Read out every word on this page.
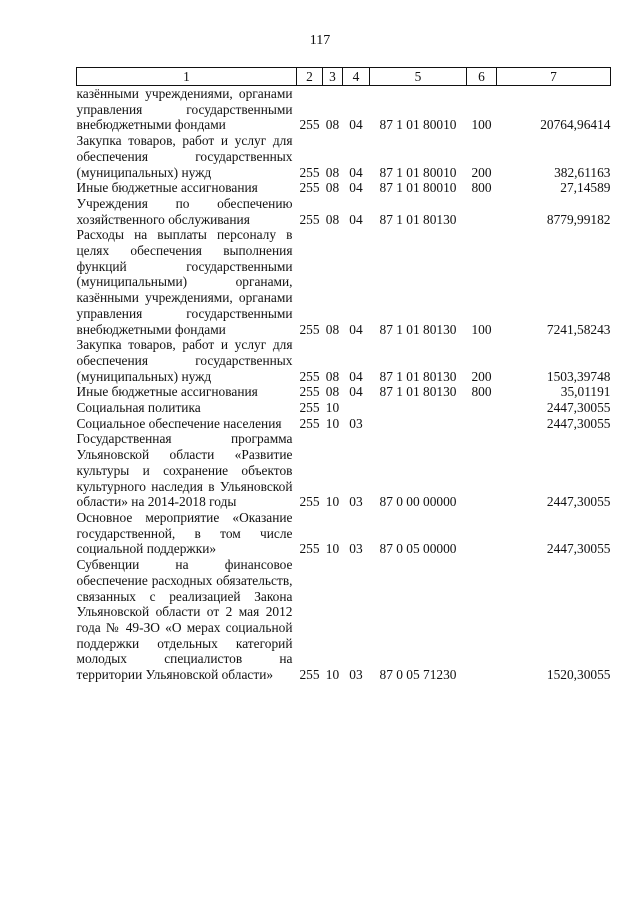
117
1	2	3	4	5	6	7
казёнными учреждениями, органами управления государственными внебюджетными фондами	255	08	04	87 1 01 80010	100	20764,96414
Закупка товаров, работ и услуг для обеспечения государственных (муниципальных) нужд	255	08	04	87 1 01 80010	200	382,61163
Иные бюджетные ассигнования	255	08	04	87 1 01 80010	800	27,14589
Учреждения по обеспечению хозяйственного обслуживания	255	08	04	87 1 01 80130		8779,99182
Расходы на выплаты персоналу в целях обеспечения выполнения функций государственными (муниципальными) органами, казёнными учреждениями, органами управления государственными внебюджетными фондами	255	08	04	87 1 01 80130	100	7241,58243
Закупка товаров, работ и услуг для обеспечения государственных (муниципальных) нужд	255	08	04	87 1 01 80130	200	1503,39748
Иные бюджетные ассигнования	255	08	04	87 1 01 80130	800	35,01191
Социальная политика	255	10				2447,30055
Социальное обеспечение населения	255	10	03			2447,30055
Государственная программа Ульяновской области «Развитие культуры и сохранение объектов культурного наследия в Ульяновской области» на 2014-2018 годы	255	10	03	87 0 00 00000		2447,30055
Основное мероприятие «Оказание государственной, в том числе социальной поддержки»	255	10	03	87 0 05 00000		2447,30055
Субвенции на финансовое обеспечение расходных обязательств, связанных с реализацией Закона Ульяновской области от 2 мая 2012 года № 49-ЗО «О мерах социальной поддержки отдельных категорий молодых специалистов на территории Ульяновской области»	255	10	03	87 0 05 71230		1520,30055
